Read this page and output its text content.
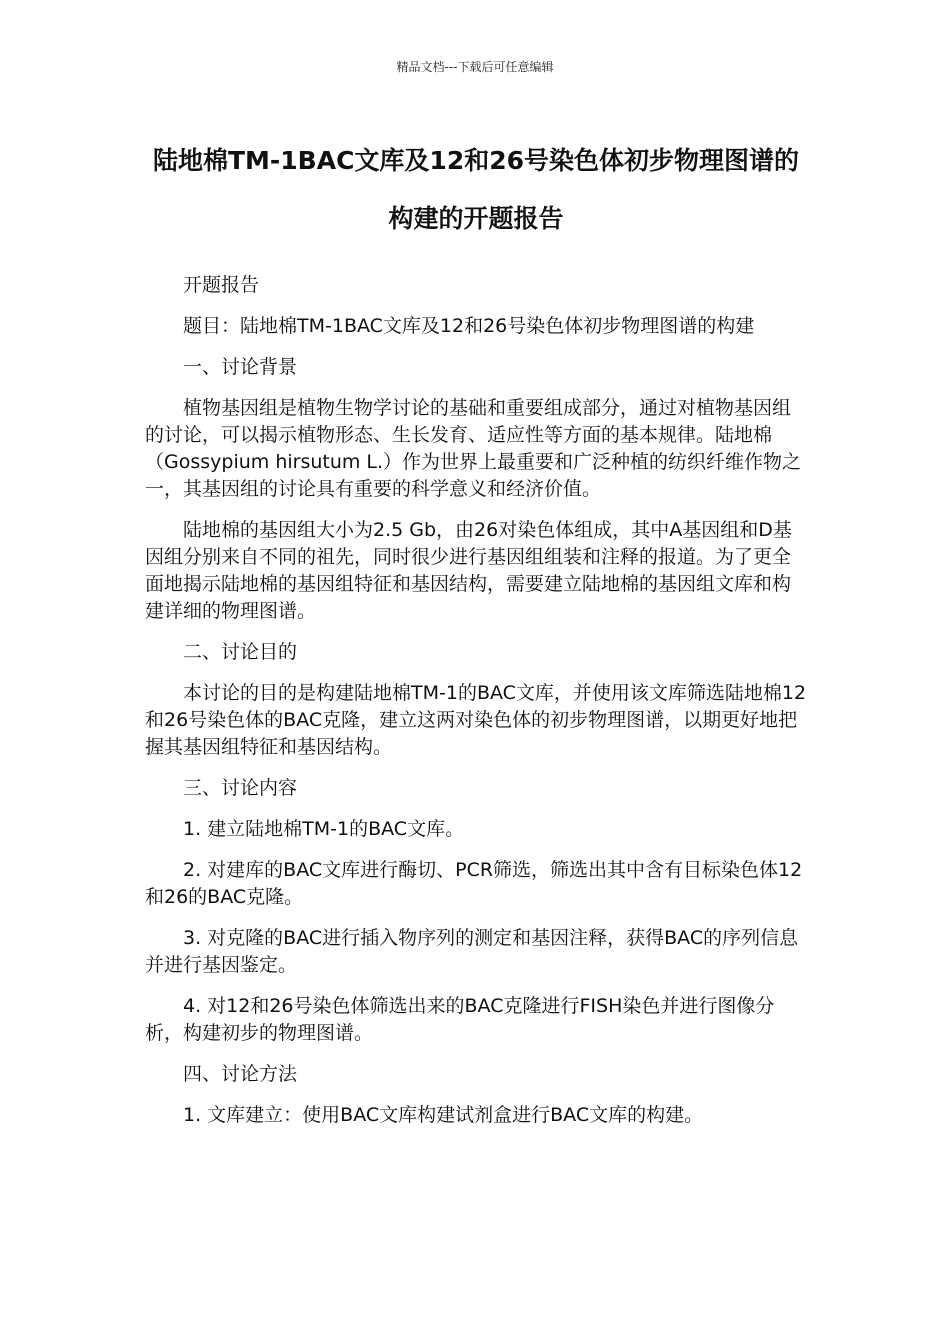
精品文档---下载后可任意编辑
陆地棉TM-1BAC文库及12和26号染色体初步物理图谱的构建的开题报告

开题报告

题目：陆地棉TM-1BAC文库及12和26号染色体初步物理图谱的构建

一、讨论背景

植物基因组是植物生物学讨论的基础和重要组成部分，通过对植物基因组的讨论，可以揭示植物形态、生长发育、适应性等方面的基本规律。陆地棉（Gossypium hirsutum L.）作为世界上最重要和广泛种植的纺织纤维作物之一，其基因组的讨论具有重要的科学意义和经济价值。

陆地棉的基因组大小为2.5 Gb，由26对染色体组成，其中A基因组和D基因组分别来自不同的祖先，同时很少进行基因组组装和注释的报道。为了更全面地揭示陆地棉的基因组特征和基因结构，需要建立陆地棉的基因组文库和构建详细的物理图谱。

二、讨论目的

本讨论的目的是构建陆地棉TM-1的BAC文库，并使用该文库筛选陆地棉12和26号染色体的BAC克隆，建立这两对染色体的初步物理图谱，以期更好地把握其基因组特征和基因结构。

三、讨论内容

1. 建立陆地棉TM-1的BAC文库。

2. 对建库的BAC文库进行酶切、PCR筛选，筛选出其中含有目标染色体12和26的BAC克隆。

3. 对克隆的BAC进行插入物序列的测定和基因注释，获得BAC的序列信息并进行基因鉴定。

4. 对12和26号染色体筛选出来的BAC克隆进行FISH染色并进行图像分析，构建初步的物理图谱。

四、讨论方法

1. 文库建立：使用BAC文库构建试剂盒进行BAC文库的构建。
